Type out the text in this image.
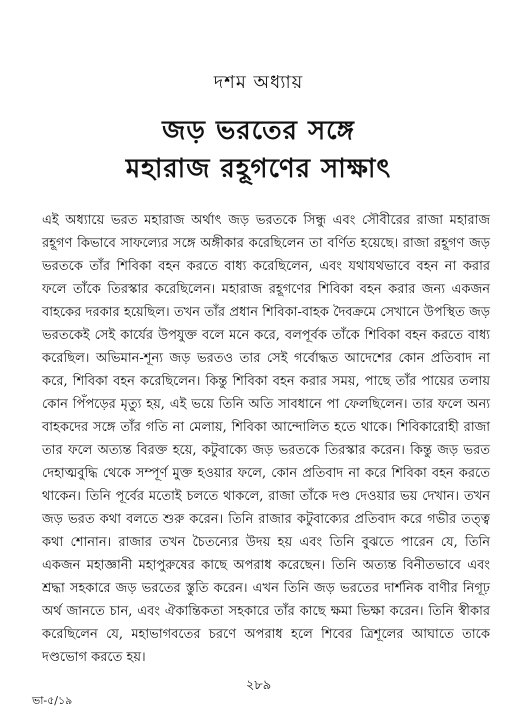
দশম অধ্যায়
জড় ভরতের সঙ্গে
মহারাজ রহূগণের সাক্ষাৎ

এই অধ্যায়ে ভরত মহারাজ অর্থাৎ জড় ভরতকে সিন্ধু এবং সৌবীরের রাজা মহারাজ রহূগণ কিভাবে সাফল্যের সঙ্গে অঙ্গীকার করেছিলেন তা বর্ণিত হয়েছে। রাজা রহূগণ জড় ভরতকে তাঁর শিবিকা বহন করতে বাধ্য করেছিলেন, এবং যথাযথভাবে বহন না করার ফলে তাঁকে তিরস্কার করেছিলেন। মহারাজ রহূগণের শিবিকা বহন করার জন্য একজন বাহকের দরকার হয়েছিল। তখন তাঁর প্রধান শিবিকা-বাহক দৈবক্রমে সেখানে উপস্থিত জড় ভরতকেই সেই কার্যের উপযুক্ত বলে মনে করে, বলপূর্বক তাঁকে শিবিকা বহন করতে বাধ্য করেছিল। অভিমান-শূন্য জড় ভরতও তার সেই গর্বোদ্ধত আদেশের কোন প্রতিবাদ না করে, শিবিকা বহন করেছিলেন। কিন্তু শিবিকা বহন করার সময়, পাছে তাঁর পায়ের তলায় কোন পিঁপড়ের মৃত্যু হয়, এই ভয়ে তিনি অতি সাবধানে পা ফেলছিলেন। তার ফলে অন্য বাহকদের সঙ্গে তাঁর গতি না মেলায়, শিবিকা আন্দোলিত হতে থাকে। শিবিকারোহী রাজা তার ফলে অত্যন্ত বিরক্ত হয়ে, কটুবাক্যে জড় ভরতকে তিরস্কার করেন। কিন্তু জড় ভরত দেহাত্মবুদ্ধি থেকে সম্পূর্ণ মুক্ত হওয়ার ফলে, কোন প্রতিবাদ না করে শিবিকা বহন করতে থাকেন। তিনি পূর্বের মতোই চলতে থাকলে, রাজা তাঁকে দণ্ড দেওয়ার ভয় দেখান। তখন জড় ভরত কথা বলতে শুরু করেন। তিনি রাজার কটুবাক্যের প্রতিবাদ করে গভীর তত্ত্ব কথা শোনান। রাজার তখন চৈতন্যের উদয় হয় এবং তিনি বুঝতে পারেন যে, তিনি একজন মহাজ্ঞানী মহাপুরুষের কাছে অপরাধ করেছেন। তিনি অত্যন্ত বিনীতভাবে এবং শ্রদ্ধা সহকারে জড় ভরতের স্তুতি করেন। এখন তিনি জড় ভরতের দার্শনিক বাণীর নিগূঢ় অর্থ জানতে চান, এবং ঐকান্তিকতা সহকারে তাঁর কাছে ক্ষমা ভিক্ষা করেন। তিনি স্বীকার করেছিলেন যে, মহাভাগবতের চরণে অপরাধ হলে শিবের ত্রিশূলের আঘাতে তাকে দণ্ডভোগ করতে হয়।

২৮৯
ভা-৫/১৯
